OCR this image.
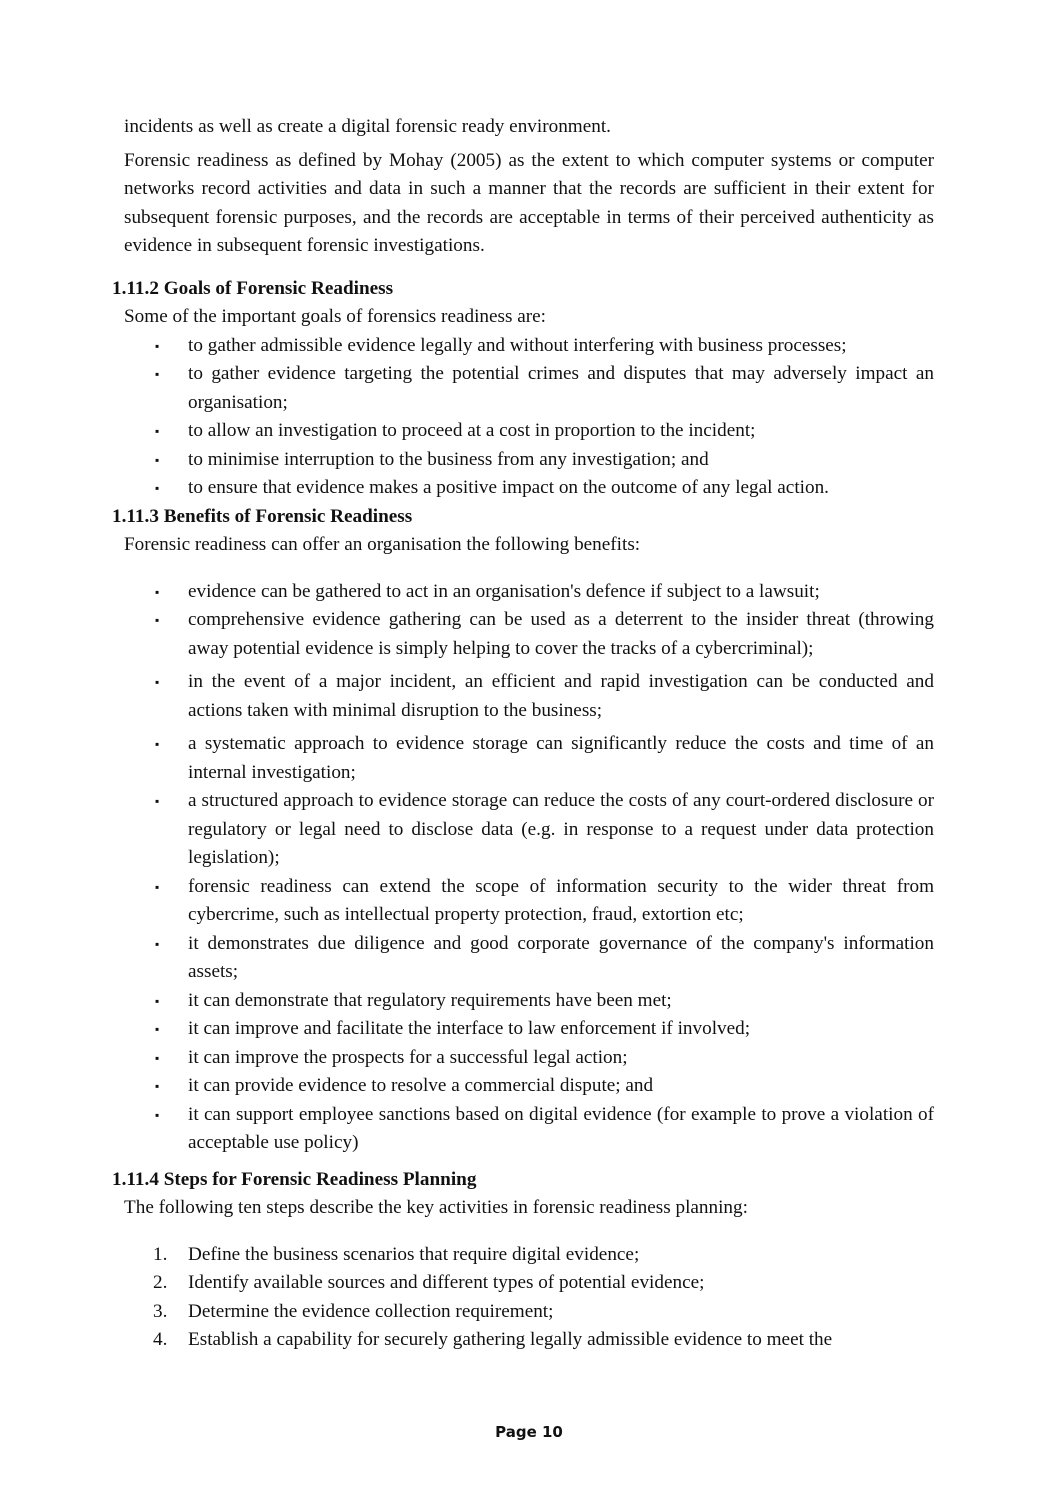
incidents as well as create a digital forensic ready environment.

Forensic readiness as defined by Mohay (2005) as the extent to which computer systems or computer networks record activities and data in such a manner that the records are sufficient in their extent for subsequent forensic purposes, and the records are acceptable in terms of their perceived authenticity as evidence in subsequent forensic investigations.

1.11.2 Goals of Forensic Readiness
Some of the important goals of forensics readiness are:
▪ to gather admissible evidence legally and without interfering with business processes;
▪ to gather evidence targeting the potential crimes and disputes that may adversely impact an organisation;
▪ to allow an investigation to proceed at a cost in proportion to the incident;
▪ to minimise interruption to the business from any investigation; and
▪ to ensure that evidence makes a positive impact on the outcome of any legal action.
1.11.3 Benefits of Forensic Readiness
Forensic readiness can offer an organisation the following benefits:
▪ evidence can be gathered to act in an organisation's defence if subject to a lawsuit;
▪ comprehensive evidence gathering can be used as a deterrent to the insider threat (throwing away potential evidence is simply helping to cover the tracks of a cybercriminal);
▪ in the event of a major incident, an efficient and rapid investigation can be conducted and actions taken with minimal disruption to the business;
▪ a systematic approach to evidence storage can significantly reduce the costs and time of an internal investigation;
▪ a structured approach to evidence storage can reduce the costs of any court-ordered disclosure or regulatory or legal need to disclose data (e.g. in response to a request under data protection legislation);
▪ forensic readiness can extend the scope of information security to the wider threat from cybercrime, such as intellectual property protection, fraud, extortion etc;
▪ it demonstrates due diligence and good corporate governance of the company's information assets;
▪ it can demonstrate that regulatory requirements have been met;
▪ it can improve and facilitate the interface to law enforcement if involved;
▪ it can improve the prospects for a successful legal action;
▪ it can provide evidence to resolve a commercial dispute; and
▪ it can support employee sanctions based on digital evidence (for example to prove a violation of acceptable use policy)
1.11.4 Steps for Forensic Readiness Planning
The following ten steps describe the key activities in forensic readiness planning:
1. Define the business scenarios that require digital evidence;
2. Identify available sources and different types of potential evidence;
3. Determine the evidence collection requirement;
4. Establish a capability for securely gathering legally admissible evidence to meet the
Page 10
